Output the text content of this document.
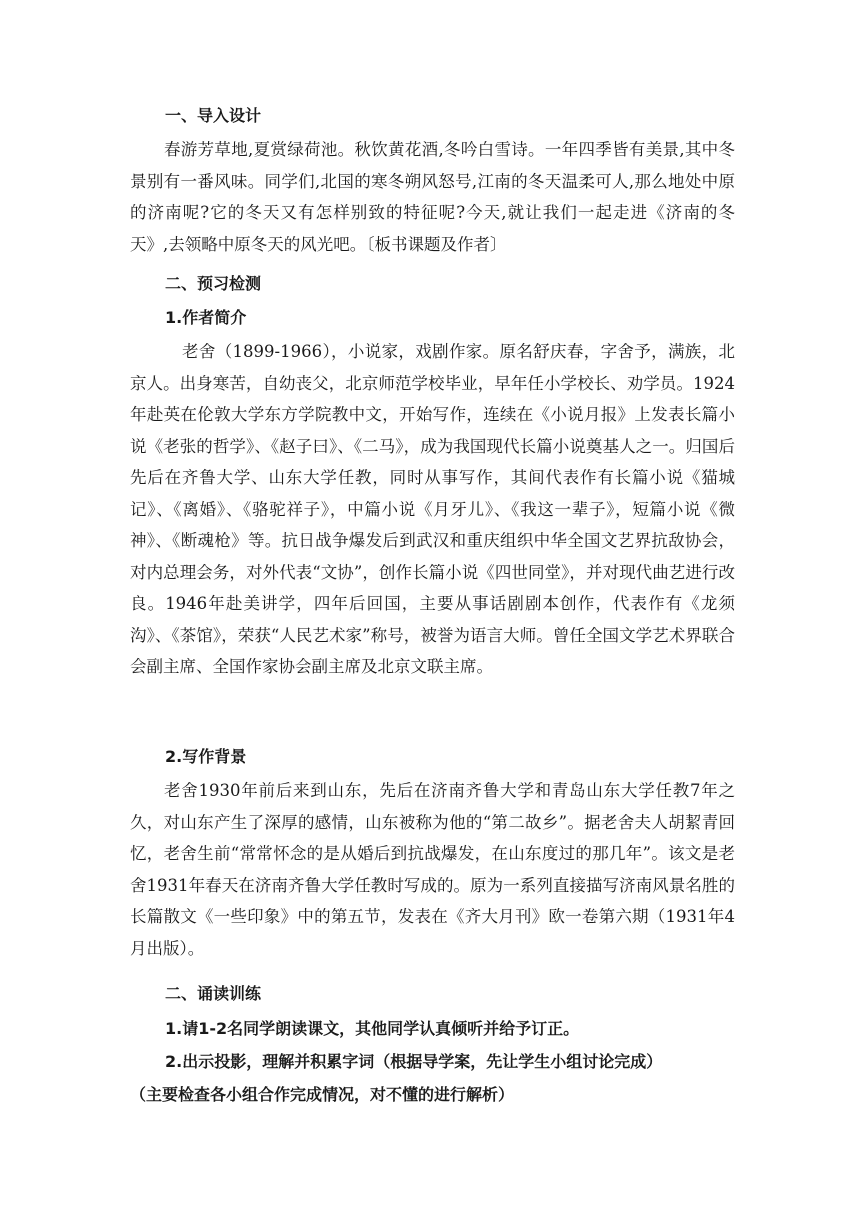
一、导入设计

春游芳草地,夏赏绿荷池。秋饮黄花酒,冬吟白雪诗。一年四季皆有美景,其中冬景别有一番风味。同学们,北国的寒冬朔风怒号,江南的冬天温柔可人,那么地处中原的济南呢?它的冬天又有怎样别致的特征呢?今天,就让我们一起走进《济南的冬天》,去领略中原冬天的风光吧。〔板书课题及作者〕

二、预习检测
1.作者简介

老舍（1899-1966），小说家，戏剧作家。原名舒庆春，字舍予，满族，北京人。出身寒苦，自幼丧父，北京师范学校毕业，早年任小学校长、劝学员。1924年赴英在伦敦大学东方学院教中文，开始写作，连续在《小说月报》上发表长篇小说《老张的哲学》、《赵子曰》、《二马》，成为我国现代长篇小说奠基人之一。归国后先后在齐鲁大学、山东大学任教，同时从事写作，其间代表作有长篇小说《猫城记》、《离婚》、《骆驼祥子》，中篇小说《月牙儿》、《我这一辈子》，短篇小说《微神》、《断魂枪》等。抗日战争爆发后到武汉和重庆组织中华全国文艺界抗敌协会，对内总理会务，对外代表“文协”，创作长篇小说《四世同堂》，并对现代曲艺进行改良。1946年赴美讲学，四年后回国，主要从事话剧剧本创作，代表作有《龙须沟》、《茶馆》，荣获“人民艺术家”称号，被誉为语言大师。曾任全国文学艺术界联合会副主席、全国作家协会副主席及北京文联主席。

2.写作背景

老舍1930年前后来到山东，先后在济南齐鲁大学和青岛山东大学任教7年之久，对山东产生了深厚的感情，山东被称为他的“第二故乡”。据老舍夫人胡絜青回忆，老舍生前“常常怀念的是从婚后到抗战爆发，在山东度过的那几年”。该文是老舍1931年春天在济南齐鲁大学任教时写成的。原为一系列直接描写济南风景名胜的长篇散文《一些印象》中的第五节，发表在《齐大月刊》欧一卷第六期（1931年4月出版）。

二、诵读训练

1.请1-2名同学朗读课文，其他同学认真倾听并给予订正。

2.出示投影，理解并积累字词（根据导学案，先让学生小组讨论完成）

（主要检查各小组合作完成情况，对不懂的进行解析）
